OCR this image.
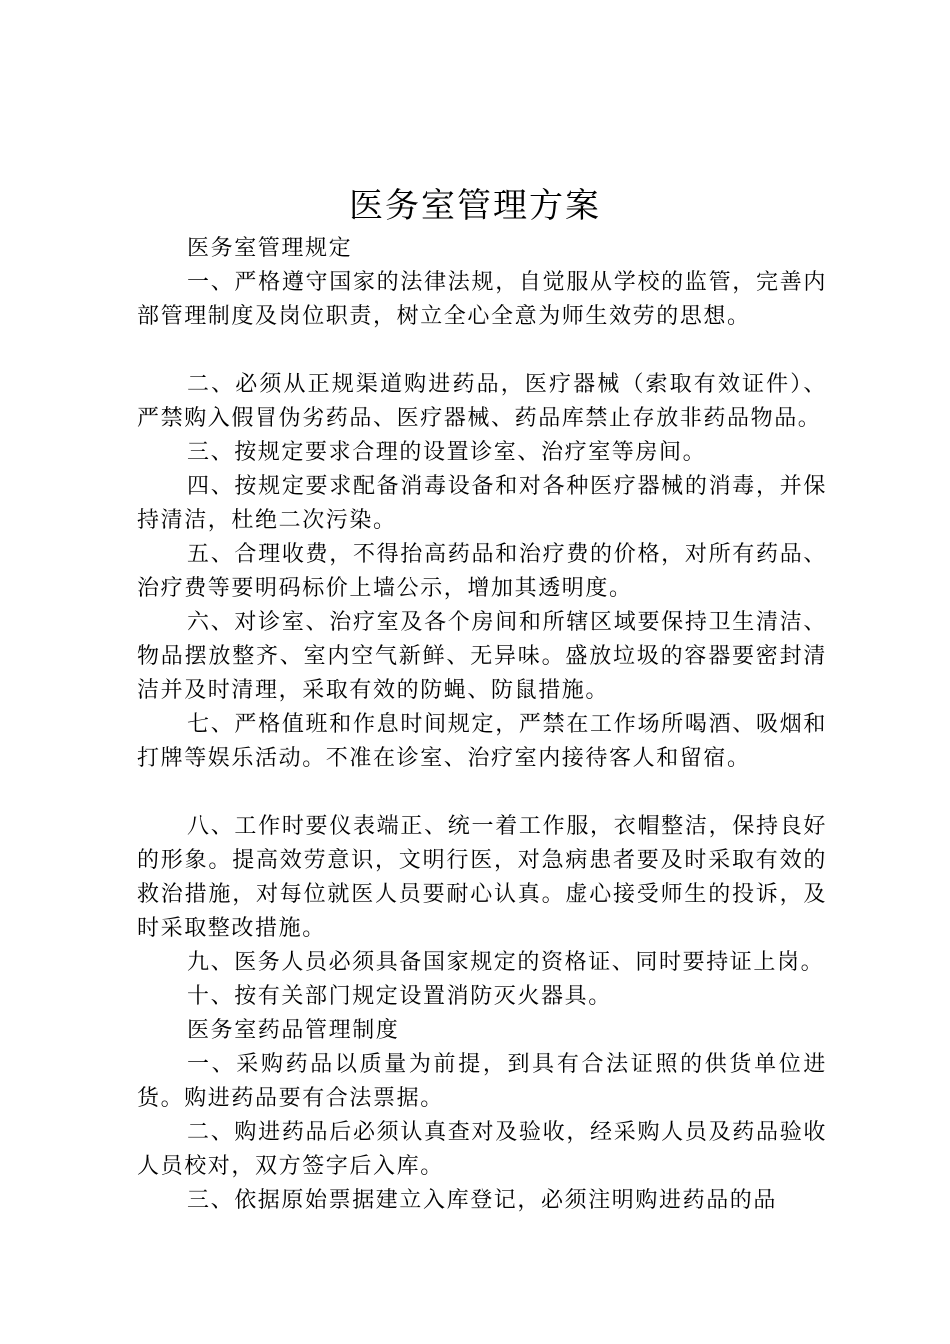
医务室管理方案

医务室管理规定

一、严格遵守国家的法律法规，自觉服从学校的监管，完善内部管理制度及岗位职责，树立全心全意为师生效劳的思想。

二、必须从正规渠道购进药品，医疗器械（索取有效证件）、严禁购入假冒伪劣药品、医疗器械、药品库禁止存放非药品物品。

三、按规定要求合理的设置诊室、治疗室等房间。

四、按规定要求配备消毒设备和对各种医疗器械的消毒，并保持清洁，杜绝二次污染。

五、合理收费，不得抬高药品和治疗费的价格，对所有药品、治疗费等要明码标价上墙公示，增加其透明度。

六、对诊室、治疗室及各个房间和所辖区域要保持卫生清洁、物品摆放整齐、室内空气新鲜、无异味。盛放垃圾的容器要密封清洁并及时清理，采取有效的防蝇、防鼠措施。

七、严格值班和作息时间规定，严禁在工作场所喝酒、吸烟和打牌等娱乐活动。不准在诊室、治疗室内接待客人和留宿。

八、工作时要仪表端正、统一着工作服，衣帽整洁，保持良好的形象。提高效劳意识，文明行医，对急病患者要及时采取有效的救治措施，对每位就医人员要耐心认真。虚心接受师生的投诉，及时采取整改措施。

九、医务人员必须具备国家规定的资格证、同时要持证上岗。

十、按有关部门规定设置消防灭火器具。

医务室药品管理制度

一、采购药品以质量为前提，到具有合法证照的供货单位进货。购进药品要有合法票据。

二、购进药品后必须认真查对及验收，经采购人员及药品验收人员校对，双方签字后入库。

三、依据原始票据建立入库登记，必须注明购进药品的品
